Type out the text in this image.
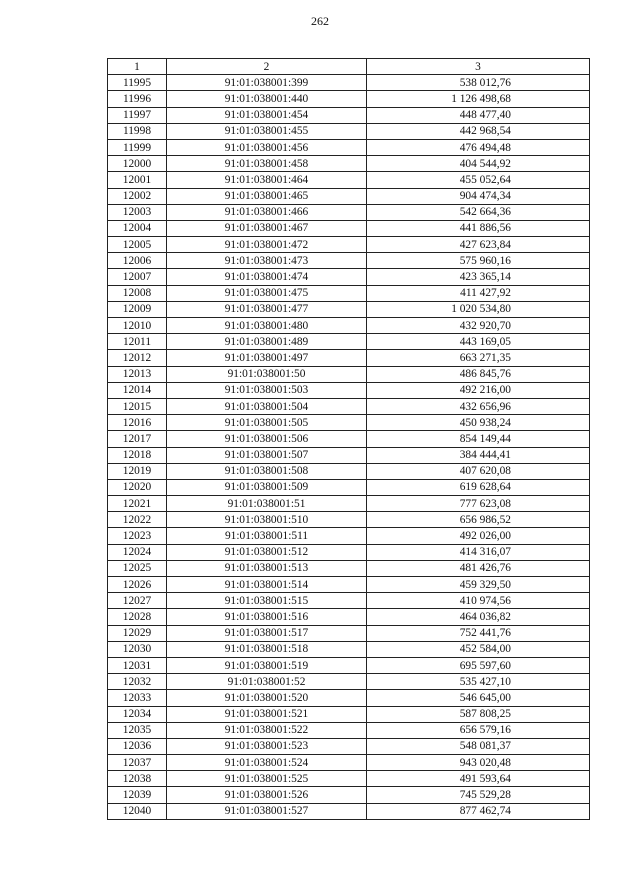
262
1	2	3
11995	91:01:038001:399	538 012,76
11996	91:01:038001:440	1 126 498,68
11997	91:01:038001:454	448 477,40
11998	91:01:038001:455	442 968,54
11999	91:01:038001:456	476 494,48
12000	91:01:038001:458	404 544,92
12001	91:01:038001:464	455 052,64
12002	91:01:038001:465	904 474,34
12003	91:01:038001:466	542 664,36
12004	91:01:038001:467	441 886,56
12005	91:01:038001:472	427 623,84
12006	91:01:038001:473	575 960,16
12007	91:01:038001:474	423 365,14
12008	91:01:038001:475	411 427,92
12009	91:01:038001:477	1 020 534,80
12010	91:01:038001:480	432 920,70
12011	91:01:038001:489	443 169,05
12012	91:01:038001:497	663 271,35
12013	91:01:038001:50	486 845,76
12014	91:01:038001:503	492 216,00
12015	91:01:038001:504	432 656,96
12016	91:01:038001:505	450 938,24
12017	91:01:038001:506	854 149,44
12018	91:01:038001:507	384 444,41
12019	91:01:038001:508	407 620,08
12020	91:01:038001:509	619 628,64
12021	91:01:038001:51	777 623,08
12022	91:01:038001:510	656 986,52
12023	91:01:038001:511	492 026,00
12024	91:01:038001:512	414 316,07
12025	91:01:038001:513	481 426,76
12026	91:01:038001:514	459 329,50
12027	91:01:038001:515	410 974,56
12028	91:01:038001:516	464 036,82
12029	91:01:038001:517	752 441,76
12030	91:01:038001:518	452 584,00
12031	91:01:038001:519	695 597,60
12032	91:01:038001:52	535 427,10
12033	91:01:038001:520	546 645,00
12034	91:01:038001:521	587 808,25
12035	91:01:038001:522	656 579,16
12036	91:01:038001:523	548 081,37
12037	91:01:038001:524	943 020,48
12038	91:01:038001:525	491 593,64
12039	91:01:038001:526	745 529,28
12040	91:01:038001:527	877 462,74
